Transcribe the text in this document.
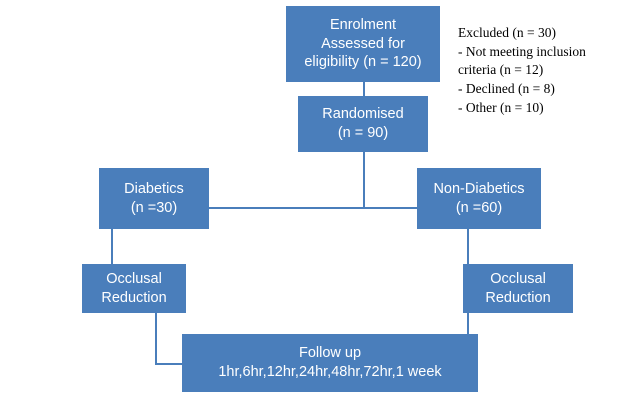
Enrolment
Assessed for
eligibility (n = 120)
Randomised
(n = 90)
Diabetics
(n =30)
Non-Diabetics
(n =60)
Occlusal
Reduction
Occlusal
Reduction
Follow up
1hr,6hr,12hr,24hr,48hr,72hr,1 week
Excluded (n = 30)
- Not meeting inclusion
criteria (n = 12)
- Declined (n = 8)
- Other (n = 10)
